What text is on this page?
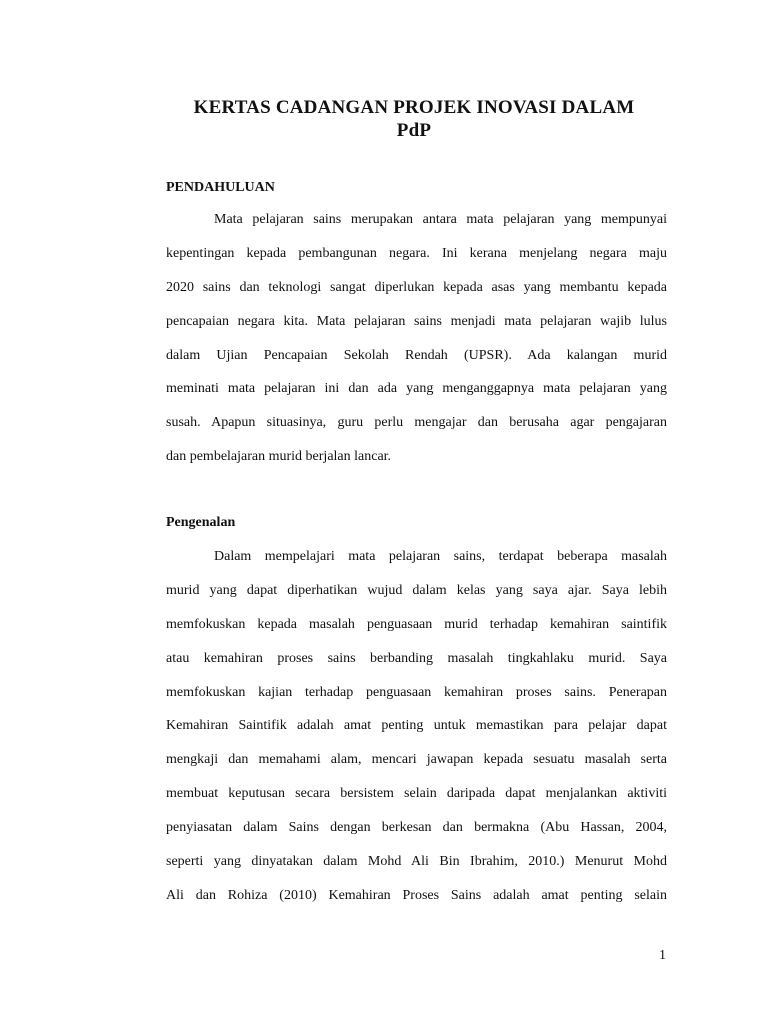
KERTAS CADANGAN PROJEK INOVASI DALAM
PdP
PENDAHULUAN
Mata pelajaran sains merupakan antara mata pelajaran yang mempunyai
kepentingan kepada pembangunan negara. Ini kerana menjelang negara maju
2020 sains dan teknologi sangat diperlukan kepada asas yang membantu kepada
pencapaian negara kita. Mata pelajaran sains menjadi mata pelajaran wajib lulus
dalam Ujian Pencapaian Sekolah Rendah (UPSR). Ada kalangan murid
meminati mata pelajaran ini dan ada yang menganggapnya mata pelajaran yang
susah. Apapun situasinya, guru perlu mengajar dan berusaha agar pengajaran
dan pembelajaran murid berjalan lancar.
Pengenalan
Dalam mempelajari mata pelajaran sains, terdapat beberapa masalah
murid yang dapat diperhatikan wujud dalam kelas yang saya ajar. Saya lebih
memfokuskan kepada masalah penguasaan murid terhadap kemahiran saintifik
atau kemahiran proses sains berbanding masalah tingkahlaku murid. Saya
memfokuskan kajian terhadap penguasaan kemahiran proses sains. Penerapan
Kemahiran Saintifik adalah amat penting untuk memastikan para pelajar dapat
mengkaji dan memahami alam, mencari jawapan kepada sesuatu masalah serta
membuat keputusan secara bersistem selain daripada dapat menjalankan aktiviti
penyiasatan dalam Sains dengan berkesan dan bermakna (Abu Hassan, 2004,
seperti yang dinyatakan dalam Mohd Ali Bin Ibrahim, 2010.) Menurut Mohd
Ali dan Rohiza (2010) Kemahiran Proses Sains adalah amat penting selain
1
